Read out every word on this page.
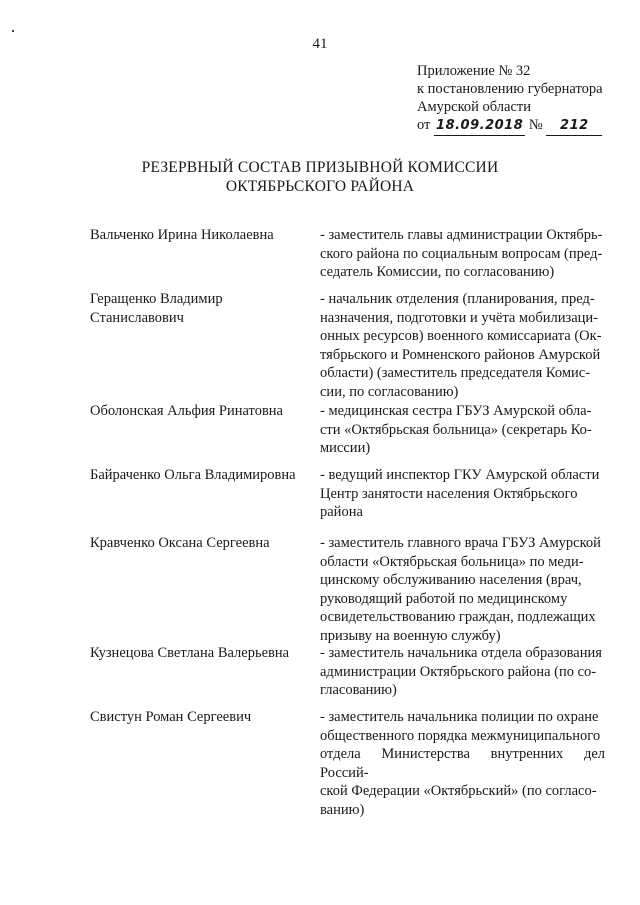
41
Приложение № 32
к постановлению губернатора
Амурской области
от 18.09.2018 № 212
РЕЗЕРВНЫЙ СОСТАВ ПРИЗЫВНОЙ КОМИССИИ
ОКТЯБРЬСКОГО РАЙОНА
Вальченко Ирина Николаевна	- заместитель главы администрации Октябрь-
ского района по социальным вопросам (пред-
седатель Комиссии, по согласованию)
Геращенко Владимир
Станиславович
- начальник отделения (планирования, пред-
назначения, подготовки и учёта мобилизаци-
онных ресурсов) военного комиссариата (Ок-
тябрьского и Ромненского районов Амурской
области) (заместитель председателя Комис-
сии, по согласованию)
Оболонская Альфия Ринатовна	- медицинская сестра ГБУЗ Амурской обла-
сти «Октябрьская больница» (секретарь Ко-
миссии)
Байраченко Ольга Владимировна	- ведущий инспектор ГКУ Амурской области
Центр занятости населения Октябрьского
района
Кравченко Оксана Сергеевна	- заместитель главного врача ГБУЗ Амурской
области «Октябрьская больница» по меди-
цинскому обслуживанию населения (врач,
руководящий работой по медицинскому
освидетельствованию граждан, подлежащих
призыву на военную службу)
Кузнецова Светлана Валерьевна	- заместитель начальника отдела образования
администрации Октябрьского района (по со-
гласованию)
Свистун Роман Сергеевич	- заместитель начальника полиции по охране
общественного порядка межмуниципального
отдела Министерства внутренних дел Россий-
ской Федерации «Октябрьский» (по согласо-
ванию)
